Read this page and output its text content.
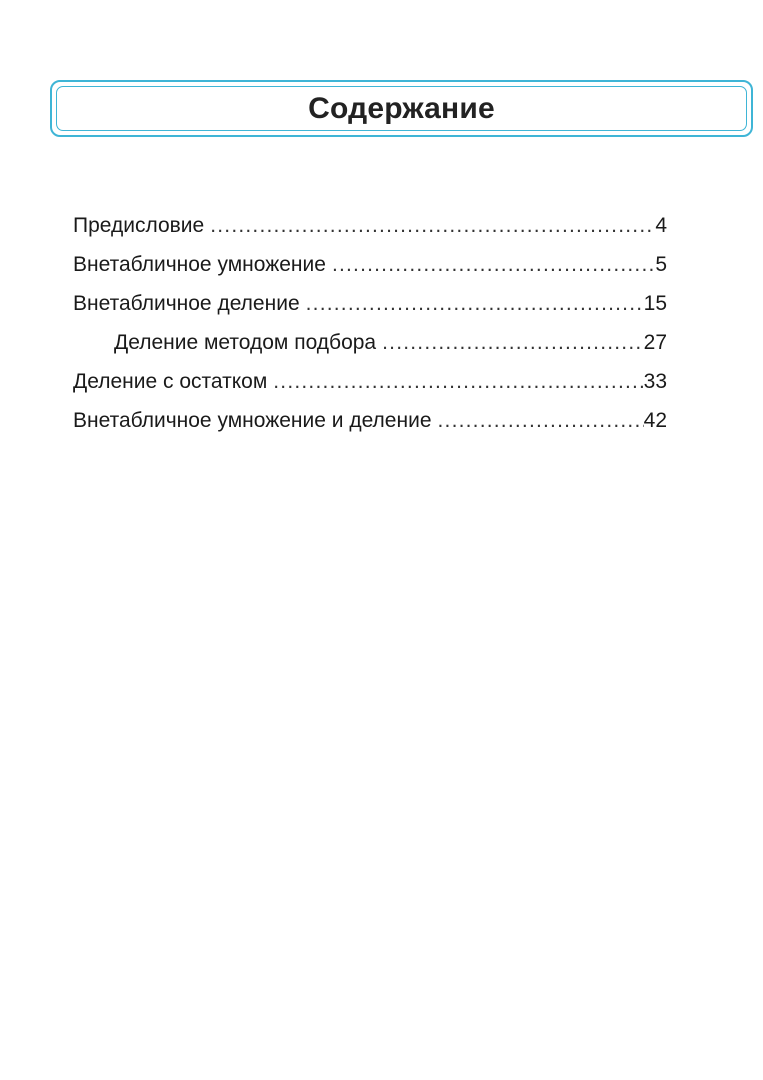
Содержание
Предисловие .....	4
Внетабличное умножение .....	5
Внетабличное деление .....	15
Деление методом подбора .....	27
Деление с остатком .....	33
Внетабличное умножение и деление .....	42
